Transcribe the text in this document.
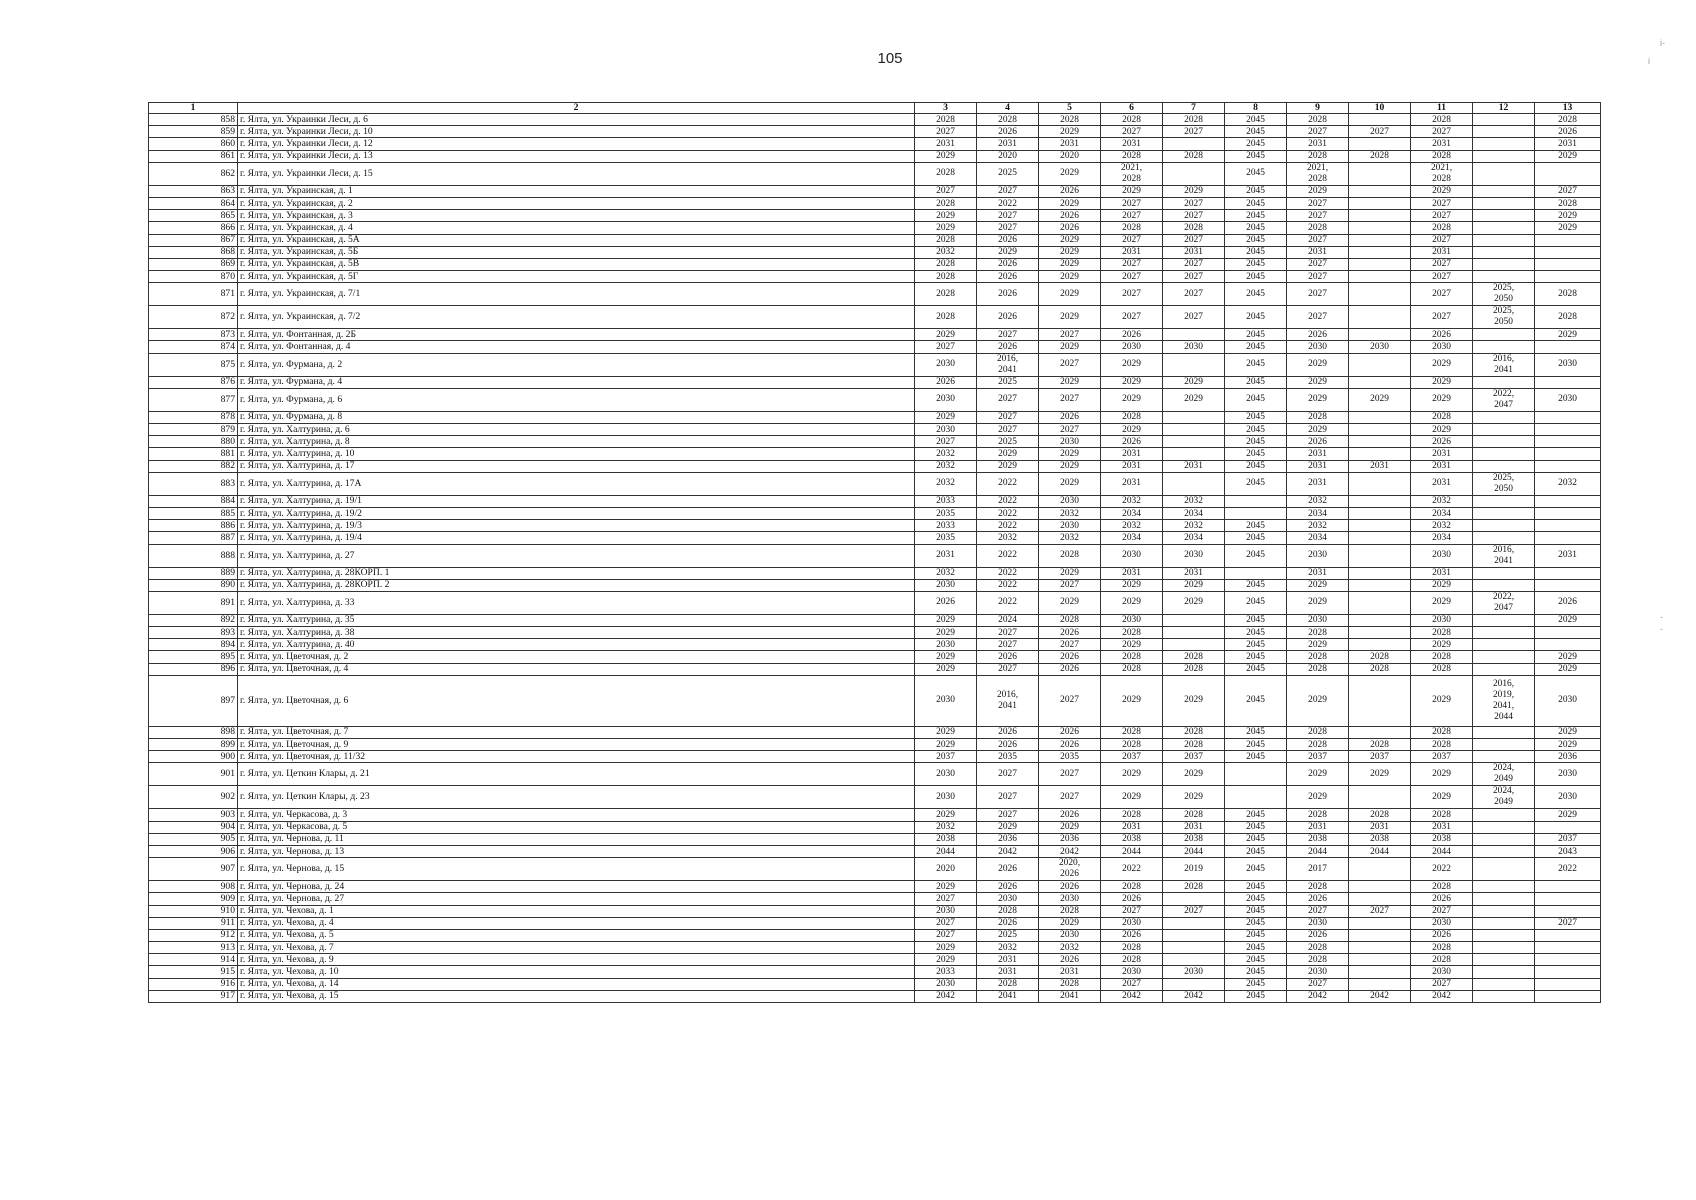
105
i-
i
-
-
1	2	3	4	5	6	7	8	9	10	11	12	13
858	г. Ялта, ул. Украинки Леси, д. 6	2028	2028	2028	2028	2028	2045	2028		2028		2028
859	г. Ялта, ул. Украинки Леси, д. 10	2027	2026	2029	2027	2027	2045	2027	2027	2027		2026
860	г. Ялта, ул. Украинки Леси, д. 12	2031	2031	2031	2031		2045	2031		2031		2031
861	г. Ялта, ул. Украинки Леси, д. 13	2029	2020	2020	2028	2028	2045	2028	2028	2028		2029
862	г. Ялта, ул. Украинки Леси, д. 15	2028	2025	2029	2021,
2028		2045	2021,
2028		2021,
2028		
863	г. Ялта, ул. Украинская, д. 1	2027	2027	2026	2029	2029	2045	2029		2029		2027
864	г. Ялта, ул. Украинская, д. 2	2028	2022	2029	2027	2027	2045	2027		2027		2028
865	г. Ялта, ул. Украинская, д. 3	2029	2027	2026	2027	2027	2045	2027		2027		2029
866	г. Ялта, ул. Украинская, д. 4	2029	2027	2026	2028	2028	2045	2028		2028		2029
867	г. Ялта, ул. Украинская, д. 5А	2028	2026	2029	2027	2027	2045	2027		2027		
868	г. Ялта, ул. Украинская, д. 5Б	2032	2029	2029	2031	2031	2045	2031		2031		
869	г. Ялта, ул. Украинская, д. 5В	2028	2026	2029	2027	2027	2045	2027		2027		
870	г. Ялта, ул. Украинская, д. 5Г	2028	2026	2029	2027	2027	2045	2027		2027		
871	г. Ялта, ул. Украинская, д. 7/1	2028	2026	2029	2027	2027	2045	2027		2027	2025,
2050	2028
872	г. Ялта, ул. Украинская, д. 7/2	2028	2026	2029	2027	2027	2045	2027		2027	2025,
2050	2028
873	г. Ялта, ул. Фонтанная, д. 2Б	2029	2027	2027	2026		2045	2026		2026		2029
874	г. Ялта, ул. Фонтанная, д. 4	2027	2026	2029	2030	2030	2045	2030	2030	2030		
875	г. Ялта, ул. Фурмана, д. 2	2030	2016,
2041	2027	2029		2045	2029		2029	2016,
2041	2030
876	г. Ялта, ул. Фурмана, д. 4	2026	2025	2029	2029	2029	2045	2029		2029		
877	г. Ялта, ул. Фурмана, д. 6	2030	2027	2027	2029	2029	2045	2029	2029	2029	2022,
2047	2030
878	г. Ялта, ул. Фурмана, д. 8	2029	2027	2026	2028		2045	2028		2028		
879	г. Ялта, ул. Халтурина, д. 6	2030	2027	2027	2029		2045	2029		2029		
880	г. Ялта, ул. Халтурина, д. 8	2027	2025	2030	2026		2045	2026		2026		
881	г. Ялта, ул. Халтурина, д. 10	2032	2029	2029	2031		2045	2031		2031		
882	г. Ялта, ул. Халтурина, д. 17	2032	2029	2029	2031	2031	2045	2031	2031	2031		
883	г. Ялта, ул. Халтурина, д. 17А	2032	2022	2029	2031		2045	2031		2031	2025,
2050	2032
884	г. Ялта, ул. Халтурина, д. 19/1	2033	2022	2030	2032	2032		2032		2032		
885	г. Ялта, ул. Халтурина, д. 19/2	2035	2022	2032	2034	2034		2034		2034		
886	г. Ялта, ул. Халтурина, д. 19/3	2033	2022	2030	2032	2032	2045	2032		2032		
887	г. Ялта, ул. Халтурина, д. 19/4	2035	2032	2032	2034	2034	2045	2034		2034		
888	г. Ялта, ул. Халтурина, д. 27	2031	2022	2028	2030	2030	2045	2030		2030	2016,
2041	2031
889	г. Ялта, ул. Халтурина, д. 28КОРП. 1	2032	2022	2029	2031	2031		2031		2031		
890	г. Ялта, ул. Халтурина, д. 28КОРП. 2	2030	2022	2027	2029	2029	2045	2029		2029		
891	г. Ялта, ул. Халтурина, д. 33	2026	2022	2029	2029	2029	2045	2029		2029	2022,
2047	2026
892	г. Ялта, ул. Халтурина, д. 35	2029	2024	2028	2030		2045	2030		2030		2029
893	г. Ялта, ул. Халтурина, д. 38	2029	2027	2026	2028		2045	2028		2028		
894	г. Ялта, ул. Халтурина, д. 40	2030	2027	2027	2029		2045	2029		2029		
895	г. Ялта, ул. Цветочная, д. 2	2029	2026	2026	2028	2028	2045	2028	2028	2028		2029
896	г. Ялта, ул. Цветочная, д. 4	2029	2027	2026	2028	2028	2045	2028	2028	2028		2029
897	г. Ялта, ул. Цветочная, д. 6	2030	2016,
2041	2027	2029	2029	2045	2029		2029	2016,
2019,
2041,
2044	2030
898	г. Ялта, ул. Цветочная, д. 7	2029	2026	2026	2028	2028	2045	2028		2028		2029
899	г. Ялта, ул. Цветочная, д. 9	2029	2026	2026	2028	2028	2045	2028	2028	2028		2029
900	г. Ялта, ул. Цветочная, д. 11/32	2037	2035	2035	2037	2037	2045	2037	2037	2037		2036
901	г. Ялта, ул. Цеткин Клары, д. 21	2030	2027	2027	2029	2029		2029	2029	2029	2024,
2049	2030
902	г. Ялта, ул. Цеткин Клары, д. 23	2030	2027	2027	2029	2029		2029		2029	2024,
2049	2030
903	г. Ялта, ул. Черкасова, д. 3	2029	2027	2026	2028	2028	2045	2028	2028	2028		2029
904	г. Ялта, ул. Черкасова, д. 5	2032	2029	2029	2031	2031	2045	2031	2031	2031		
905	г. Ялта, ул. Чернова, д. 11	2038	2036	2036	2038	2038	2045	2038	2038	2038		2037
906	г. Ялта, ул. Чернова, д. 13	2044	2042	2042	2044	2044	2045	2044	2044	2044		2043
907	г. Ялта, ул. Чернова, д. 15	2020	2026	2020,
2026	2022	2019	2045	2017		2022		2022
908	г. Ялта, ул. Чернова, д. 24	2029	2026	2026	2028	2028	2045	2028		2028		
909	г. Ялта, ул. Чернова, д. 27	2027	2030	2030	2026		2045	2026		2026		
910	г. Ялта, ул. Чехова, д. 1	2030	2028	2028	2027	2027	2045	2027	2027	2027		
911	г. Ялта, ул. Чехова, д. 4	2027	2026	2029	2030		2045	2030		2030		2027
912	г. Ялта, ул. Чехова, д. 5	2027	2025	2030	2026		2045	2026		2026		
913	г. Ялта, ул. Чехова, д. 7	2029	2032	2032	2028		2045	2028		2028		
914	г. Ялта, ул. Чехова, д. 9	2029	2031	2026	2028		2045	2028		2028		
915	г. Ялта, ул. Чехова, д. 10	2033	2031	2031	2030	2030	2045	2030		2030		
916	г. Ялта, ул. Чехова, д. 14	2030	2028	2028	2027		2045	2027		2027		
917	г. Ялта, ул. Чехова, д. 15	2042	2041	2041	2042	2042	2045	2042	2042	2042		
